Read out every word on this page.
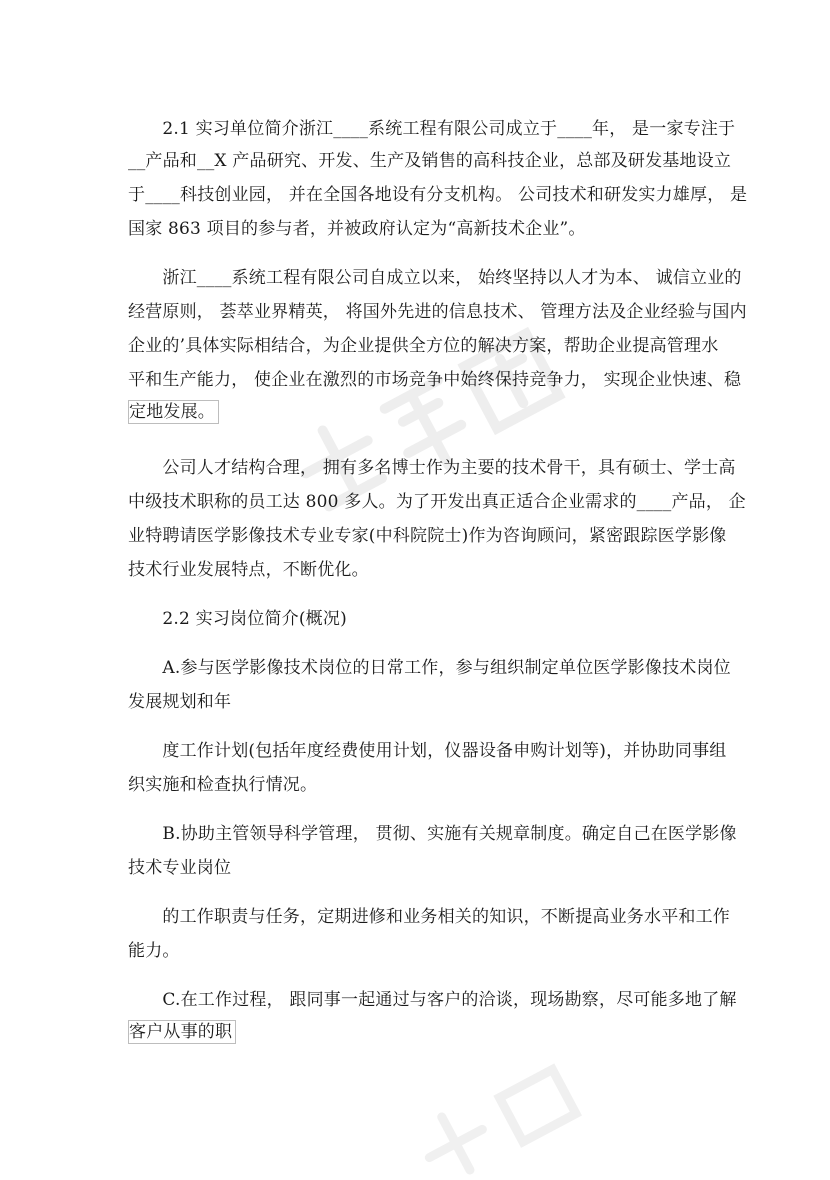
　　2.1 实习单位简介浙江____系统工程有限公司成立于____年， 是一家专注于
__产品和__X 产品研究、开发、生产及销售的高科技企业，总部及研发基地设立
于____科技创业园， 并在全国各地设有分支机构。 公司技术和研发实力雄厚， 是
国家 863 项目的参与者，并被政府认定为“高新技术企业”。
　　浙江____系统工程有限公司自成立以来， 始终坚持以人才为本、 诚信立业的
经营原则， 荟萃业界精英， 将国外先进的信息技术、 管理方法及企业经验与国内
企业的’具体实际相结合，为企业提供全方位的解决方案，帮助企业提高管理水
平和生产能力， 使企业在激烈的市场竞争中始终保持竞争力， 实现企业快速、稳
定地发展。
　　公司人才结构合理， 拥有多名博士作为主要的技术骨干，具有硕士、学士高
中级技术职称的员工达 800 多人。为了开发出真正适合企业需求的____产品， 企
业特聘请医学影像技术专业专家(中科院院士)作为咨询顾问，紧密跟踪医学影像
技术行业发展特点，不断优化。
　　2.2 实习岗位简介(概况)
　　A.参与医学影像技术岗位的日常工作，参与组织制定单位医学影像技术岗位
发展规划和年
　　度工作计划(包括年度经费使用计划，仪器设备申购计划等)，并协助同事组
织实施和检查执行情况。
　　B.协助主管领导科学管理， 贯彻、实施有关规章制度。确定自己在医学影像
技术专业岗位
　　的工作职责与任务，定期进修和业务相关的知识，不断提高业务水平和工作
能力。
　　C.在工作过程， 跟同事一起通过与客户的洽谈，现场勘察，尽可能多地了解
客户从事的职
